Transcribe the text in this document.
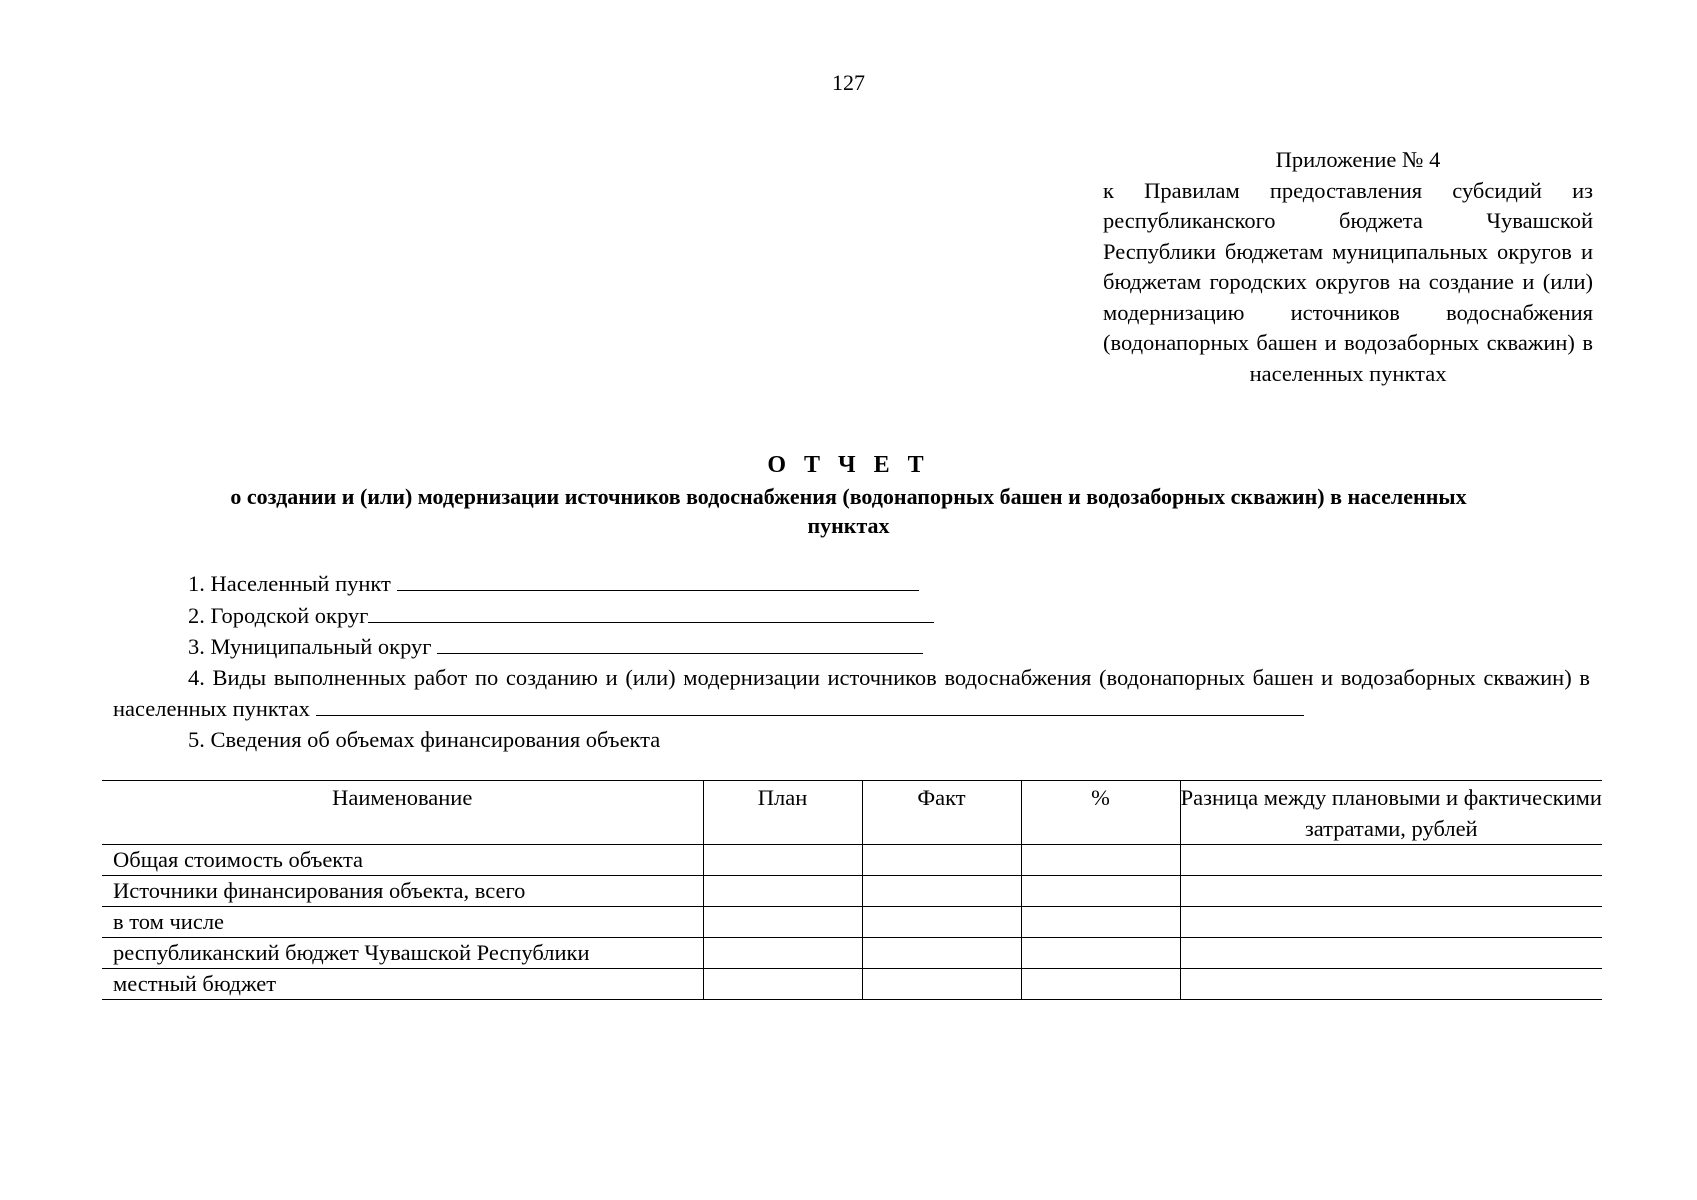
127
Приложение № 4
к Правилам предоставления субсидий из республиканского бюджета Чувашской Республики бюджетам муниципальных округов и бюджетам городских округов на создание и (или) модернизацию источников водоснабжения (водонапорных башен и водозаборных скважин) в населенных пунктах
О Т Ч Е Т
о создании и (или) модернизации источников водоснабжения (водонапорных башен и водозаборных скважин) в населенных пунктах
1. Населенный пункт
2. Городской округ
3. Муниципальный округ
4. Виды выполненных работ по созданию и (или) модернизации источников водоснабжения (водонапорных башен и водозаборных скважин) в населенных пунктах
5. Сведения об объемах финансирования объекта
Наименование	План	Факт	%	Разница между плановыми и фактическими затратами, рублей
Общая стоимость объекта				
Источники финансирования объекта, всего				
в том числе				
республиканский бюджет Чувашской Республики				
местный бюджет				
